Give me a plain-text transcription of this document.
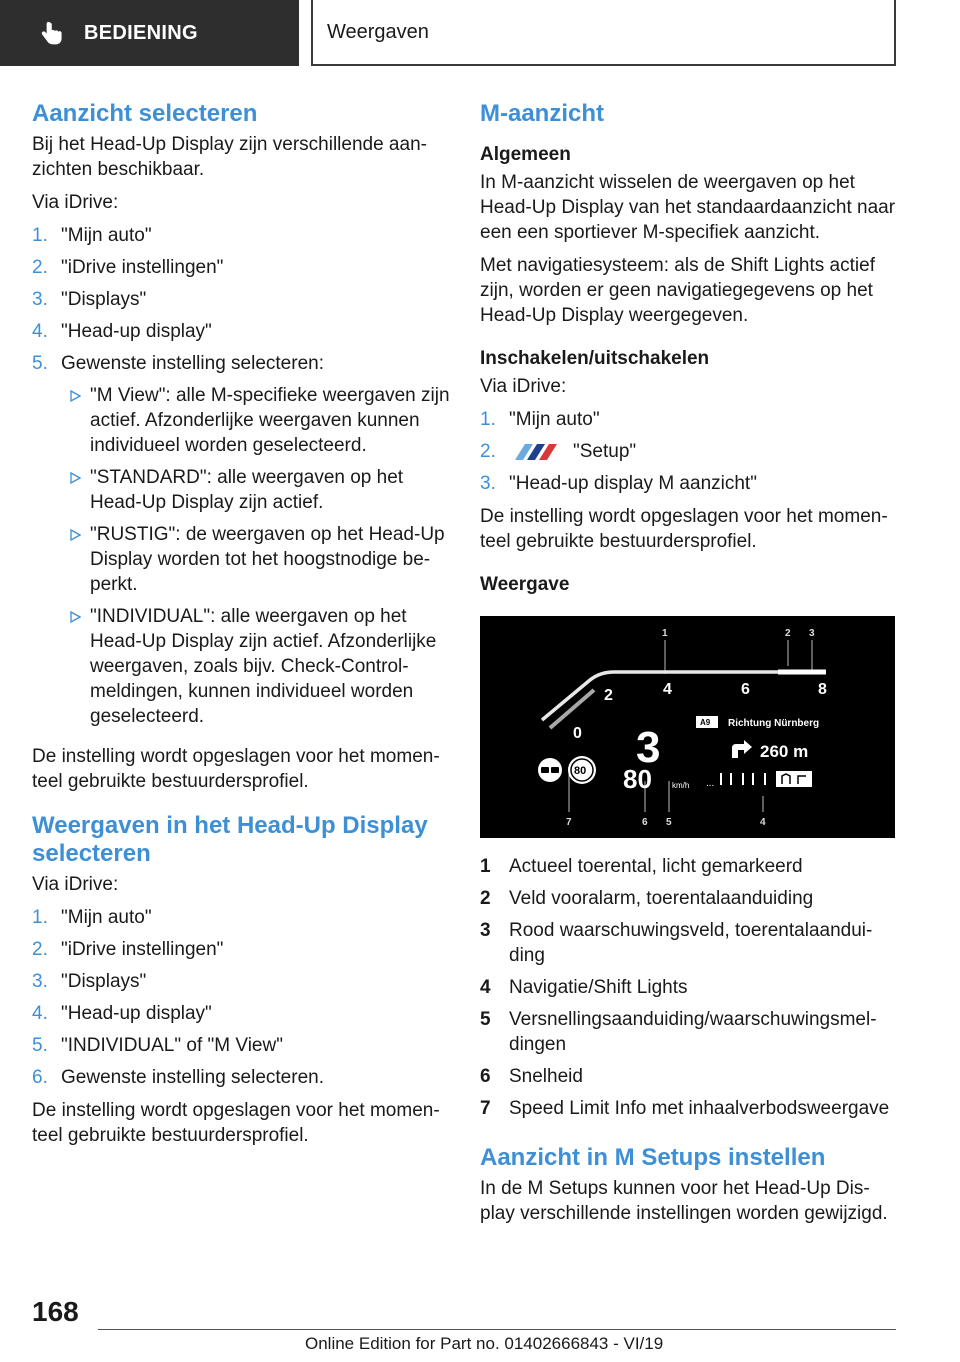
BEDIENING	Weergaven
Aanzicht selecteren

Bij het Head-Up Display zijn verschillende aanzichten beschikbaar.

Via iDrive:

1. "Mijn auto"
2. "iDrive instellingen"
3. "Displays"
4. "Head-up display"
5. Gewenste instelling selecteren:
"M View": alle M-specifieke weergaven zijn actief. Afzonderlijke weergaven kunnen individueel worden geselecteerd.
"STANDARD": alle weergaven op het Head-Up Display zijn actief.
"RUSTIG": de weergaven op het Head-Up Display worden tot het hoogstnodige beperkt.
"INDIVIDUAL": alle weergaven op het Head-Up Display zijn actief. Afzonderlijke weergaven, zoals bijv. Check-Control-meldingen, kunnen individueel worden geselecteerd.

De instelling wordt opgeslagen voor het momenteel gebruikte bestuurdersprofiel.

Weergaven in het Head-Up Display selecteren

Via iDrive:

1. "Mijn auto"
2. "iDrive instellingen"
3. "Displays"
4. "Head-up display"
5. "INDIVIDUAL" of "M View"
6. Gewenste instelling selecteren.

De instelling wordt opgeslagen voor het momenteel gebruikte bestuurdersprofiel.

M-aanzicht
Algemeen

In M-aanzicht wisselen de weergaven op het Head-Up Display van het standaardaanzicht naar een een sportiever M-specifiek aanzicht.

Met navigatiesysteem: als de Shift Lights actief zijn, worden er geen navigatiegegevens op het Head-Up Display weergegeven.

Inschakelen/uitschakelen

Via iDrive:

1. "Mijn auto"
2.	"Setup"
3. "Head-up display M aanzicht"

De instelling wordt opgeslagen voor het momenteel gebruikte bestuurdersprofiel.

Weergave
1	2 3
7	6 5	4
0
2	4	6	8
3
80	km/h
80
A9 Richtung Nürnberg
260 m
...
1 Actueel toerental, licht gemarkeerd
2 Veld vooralarm, toerentalaanduiding
3 Rood waarschuwingsveld, toerentalaanduiding
4 Navigatie/Shift Lights
5 Versnellingsaanduiding/waarschuwingsmeldingen
6 Snelheid
7 Speed Limit Info met inhaalverbodsweergave
Aanzicht in M Setups instellen

In de M Setups kunnen voor het Head-Up Display verschillende instellingen worden gewijzigd.

168
Online Edition for Part no. 01402666843 - VI/19
